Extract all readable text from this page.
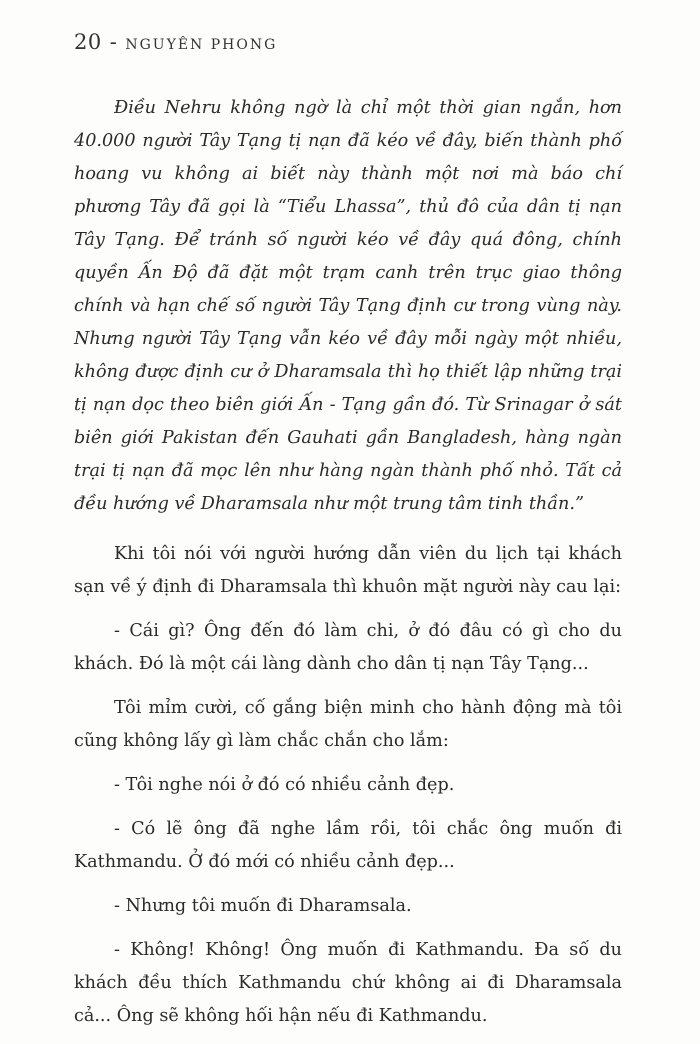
20 - NGUYÊN PHONG

Điều Nehru không ngờ là chỉ một thời gian ngắn, hơn 40.000 người Tây Tạng tị nạn đã kéo về đây, biến thành phố hoang vu không ai biết này thành một nơi mà báo chí phương Tây đã gọi là “Tiểu Lhassa”, thủ đô của dân tị nạn Tây Tạng. Để tránh số người kéo về đây quá đông, chính quyền Ấn Độ đã đặt một trạm canh trên trục giao thông chính và hạn chế số người Tây Tạng định cư trong vùng này. Nhưng người Tây Tạng vẫn kéo về đây mỗi ngày một nhiều, không được định cư ở Dharamsala thì họ thiết lập những trại tị nạn dọc theo biên giới Ấn - Tạng gần đó. Từ Srinagar ở sát biên giới Pakistan đến Gauhati gần Bangladesh, hàng ngàn trại tị nạn đã mọc lên như hàng ngàn thành phố nhỏ. Tất cả đều hướng về Dharamsala như một trung tâm tinh thần.”

Khi tôi nói với người hướng dẫn viên du lịch tại khách sạn về ý định đi Dharamsala thì khuôn mặt người này cau lại:

- Cái gì? Ông đến đó làm chi, ở đó đâu có gì cho du khách. Đó là một cái làng dành cho dân tị nạn Tây Tạng...

Tôi mỉm cười, cố gắng biện minh cho hành động mà tôi cũng không lấy gì làm chắc chắn cho lắm:

- Tôi nghe nói ở đó có nhiều cảnh đẹp.

- Có lẽ ông đã nghe lầm rồi, tôi chắc ông muốn đi Kathmandu. Ở đó mới có nhiều cảnh đẹp...

- Nhưng tôi muốn đi Dharamsala.

- Không! Không! Ông muốn đi Kathmandu. Đa số du khách đều thích Kathmandu chứ không ai đi Dharamsala cả... Ông sẽ không hối hận nếu đi Kathmandu.
